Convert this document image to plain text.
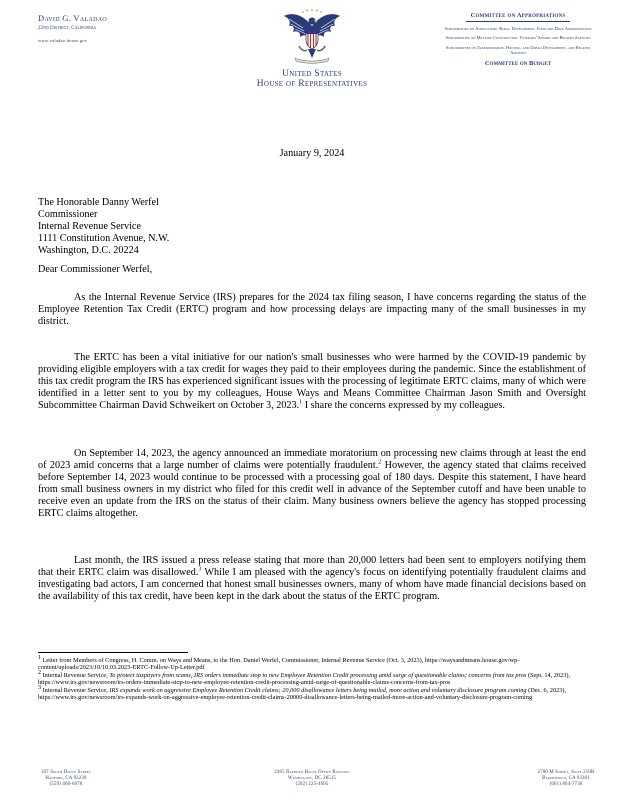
David G. Valadao
22nd District, California
www.valadao.house.gov
United States
House of Representatives
Committee on Appropriations
Subcommittee on Agriculture, Rural Development, Food and Drug Administration
Subcommittee on Military Construction, Veterans' Affairs and Related Agencies
Subcommittee on Transportation, Housing, and Urban Development, and Related Agencies
Committee on Budget
January 9, 2024
The Honorable Danny Werfel
Commissioner
Internal Revenue Service
1111 Constitution Avenue, N.W.
Washington, D.C. 20224
Dear Commissioner Werfel,

As the Internal Revenue Service (IRS) prepares for the 2024 tax filing season, I have concerns regarding the status of the Employee Retention Tax Credit (ERTC) program and how processing delays are impacting many of the small businesses in my district.

The ERTC has been a vital initiative for our nation's small businesses who were harmed by the COVID-19 pandemic by providing eligible employers with a tax credit for wages they paid to their employees during the pandemic. Since the establishment of this tax credit program the IRS has experienced significant issues with the processing of legitimate ERTC claims, many of which were identified in a letter sent to you by my colleagues, House Ways and Means Committee Chairman Jason Smith and Oversight Subcommittee Chairman David Schweikert on October 3, 2023.$^1$ I share the concerns expressed by my colleagues.

On September 14, 2023, the agency announced an immediate moratorium on processing new claims through at least the end of 2023 amid concerns that a large number of claims were potentially fraudulent.$^2$ However, the agency stated that claims received before September 14, 2023 would continue to be processed with a processing goal of 180 days. Despite this statement, I have heard from small business owners in my district who filed for this credit well in advance of the September cutoff and have been unable to receive even an update from the IRS on the status of their claim. Many business owners believe the agency has stopped processing ERTC claims altogether.

Last month, the IRS issued a press release stating that more than 20,000 letters had been sent to employers notifying them that their ERTC claim was disallowed.$^3$ While I am pleased with the agency's focus on identifying potentially fraudulent claims and investigating bad actors, I am concerned that honest small businesses owners, many of whom have made financial decisions based on the availability of this tax credit, have been kept in the dark about the status of the ERTC program.

$^1$ Letter from Members of Congress, H. Comm. on Ways and Means, to the Hon. Daniel Werfel, Commissioner, Internal Revenue Service (Oct. 3, 2023), https://waysandmeans.house.gov/wp-content/uploads/2023/10/10.03.2023-ERTC-Follow-Up-Letter.pdf

$^2$ Internal Revenue Service, To protect taxpayers from scams, IRS orders immediate stop to new Employee Retention Credit processing amid surge of questionable claims; concerns from tax pros (Sept. 14, 2023), https://www.irs.gov/newsroom/irs-orders-immediate-stop-to-new-employee-retention-credit-processing-amid-surge-of-questionable-claims-concerns-from-tax-pros

$^3$ Internal Revenue Service, IRS expands work on aggressive Employee Retention Credit claims; 20,000 disallowance letters being mailed, more action and voluntary disclosure program coming (Dec. 6, 2023), https://www.irs.gov/newsroom/irs-expands-work-on-aggressive-employee-retention-credit-claims-20000-disallowance-letters-being-mailed-more-action-and-voluntary-disclosure-program-coming

107 South Douty Street
Hanford, CA 93230
(559) 460-6070
2465 Rayburn House Office Building
Washington, DC 20515
(202) 225-4695
2700 M Street, Suite 250B
Bakersfield, CA 93301
(661) 864-7736
